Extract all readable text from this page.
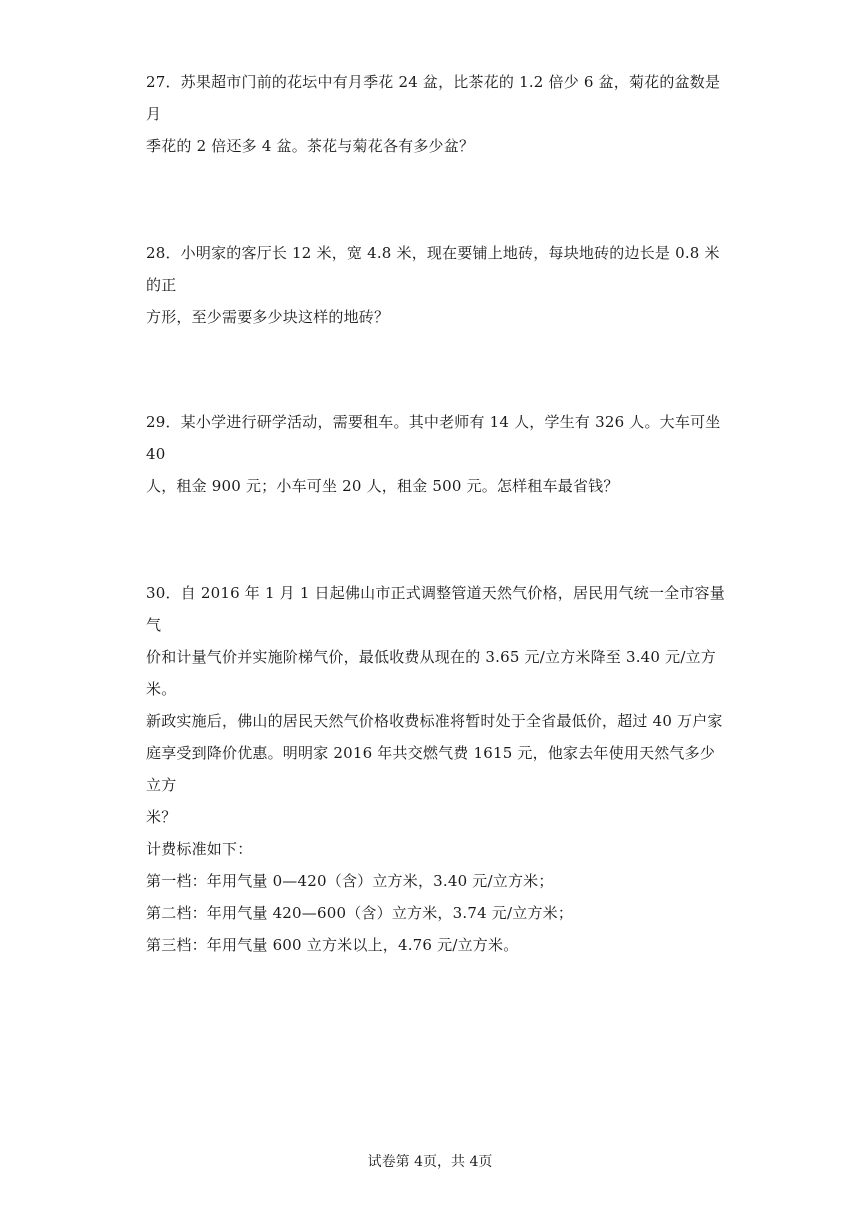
27．苏果超市门前的花坛中有月季花 24 盆，比茶花的 1.2 倍少 6 盆，菊花的盆数是月

季花的 2 倍还多 4 盆。茶花与菊花各有多少盆？

28．小明家的客厅长 12 米，宽 4.8 米，现在要铺上地砖，每块地砖的边长是 0.8 米的正

方形，至少需要多少块这样的地砖？

29．某小学进行研学活动，需要租车。其中老师有 14 人，学生有 326 人。大车可坐 40

人，租金 900 元；小车可坐 20 人，租金 500 元。怎样租车最省钱？

30．自 2016 年 1 月 1 日起佛山市正式调整管道天然气价格，居民用气统一全市容量气

价和计量气价并实施阶梯气价，最低收费从现在的 3.65 元/立方米降至 3.40 元/立方米。

新政实施后，佛山的居民天然气价格收费标准将暂时处于全省最低价，超过 40 万户家

庭享受到降价优惠。明明家 2016 年共交燃气费 1615 元，他家去年使用天然气多少立方

米？

计费标准如下：

第一档：年用气量 0—420（含）立方米，3.40 元/立方米；

第二档：年用气量 420—600（含）立方米，3.74 元/立方米；

第三档：年用气量 600 立方米以上，4.76 元/立方米。

试卷第 4页，共 4页
